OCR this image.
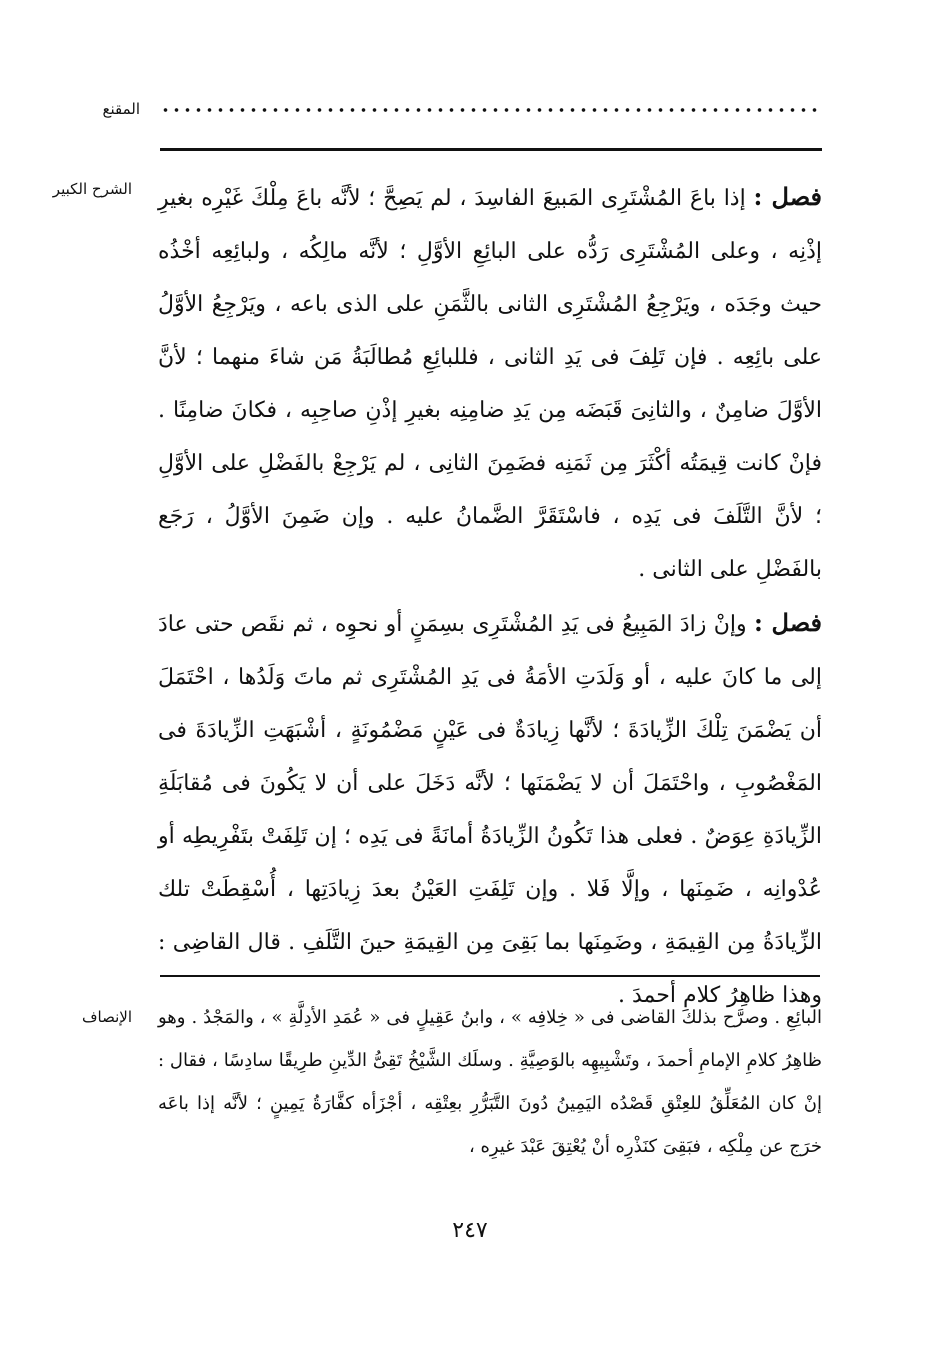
المقنع
الشرح الكبير	فصل : إذا باعَ المُشْتَرِى المَبيعَ الفاسِدَ ، لم يَصِحَّ ؛ لأنَّه باعَ مِلْكَ غَيْرِه بغيرِ إذْنِه ، وعلى المُشْتَرِى رَدُّه على البائِعِ الأوَّلِ ؛ لأنَّه مالِكُه ، ولبائِعِه أخْذُه حيث وجَدَه ، ويَرْجِعُ المُشْتَرِى الثانى بالثَّمَنِ على الذى باعه ، ويَرْجِعُ الأوَّلُ على بائِعِه . فإن تَلِفَ فى يَدِ الثانى ، فللبائِعِ مُطالَبَةُ مَن شاءَ منهما ؛ لأنَّ الأوَّلَ ضامِنٌ ، والثانِىَ قَبَضَه مِن يَدِ ضامِنِه بغيرِ إذْنِ صاحِبِه ، فكانَ ضامِنًا . فإنْ كانت قِيمَتُه أكْثَرَ مِن ثَمَنِه فضَمِنَ الثانِى ، لم يَرْجِعْ بالفَضْلِ على الأوَّلِ ؛ لأنَّ التَّلَفَ فى يَدِه ، فاسْتَقَرَّ الضَّمانُ عليه . وإن ضَمِنَ الأوَّلُ ، رَجَع بالفَضْلِ على الثانى .

فصل : وإنْ زادَ المَبِيعُ فى يَدِ المُشْتَرِى بسِمَنٍ أو نحوِه ، ثم نقَص حتى عادَ إلى ما كانَ عليه ، أو وَلَدَتِ الأمَةُ فى يَدِ المُشْتَرِى ثم ماتَ وَلَدُها ، احْتَمَلَ أن يَضْمَنَ تِلْكَ الزِّيادَةَ ؛ لأنَّها زِيادَةٌ فى عَيْنٍ مَضْمُونَةٍ ، أشْبَهَتِ الزِّيادَةَ فى المَغْصُوبِ ، واحْتَمَلَ أن لا يَضْمَنَها ؛ لأنَّه دَخَلَ على أن لا يَكُونَ فى مُقابَلَةِ الزِّيادَةِ عِوَضٌ . فعلى هذا تَكُونُ الزِّيادَةُ أمانَةً فى يَدِه ؛ إن تَلِفَتْ بتَفْرِيطِه أو عُدْوانِه ، ضَمِنَها ، وإلَّا فَلا . وإن تَلِفَتِ العَيْنُ بعدَ زِيادَتِها ، أُسْقِطَتْ تلك الزِّيادَةُ مِن القِيمَةِ ، وضَمِنَها بما بَقِىَ مِن القِيمَةِ حينَ التَّلَفِ . قال القاضِى : وهذا ظاهِرُ كلامِ أحمدَ .

الإنصاف البائِعِ . وصرَّح بذلك القاضى فى « خِلافِه » ، وابنُ عَقِيلٍ فى « عُمَدِ الأدِلَّةِ » ، والمَجْدُ . وهو ظاهِرُ كلامِ الإمامِ أحمدَ ، وتَشْبِيهِه بالوَصِيَّةِ . وسلَك الشَّيْخُ تَقِىُّ الدِّينِ طرِيقًا سادِسًا ، فقال : إنْ كان المُعَلِّقُ للعِتْقِ قَصْدُه اليَمِينُ دُونَ التَّبَرُّرِ بعِتْقِه ، أجْزَأه كفَّارَةُ يَمِينٍ ؛ لأنَّه إذا باعَه خرَج عن مِلْكِه ، فبَقِىَ كنَذْرِه أنْ يُعْتِقَ عَبْدَ غيرِه ،

٢٤٧
